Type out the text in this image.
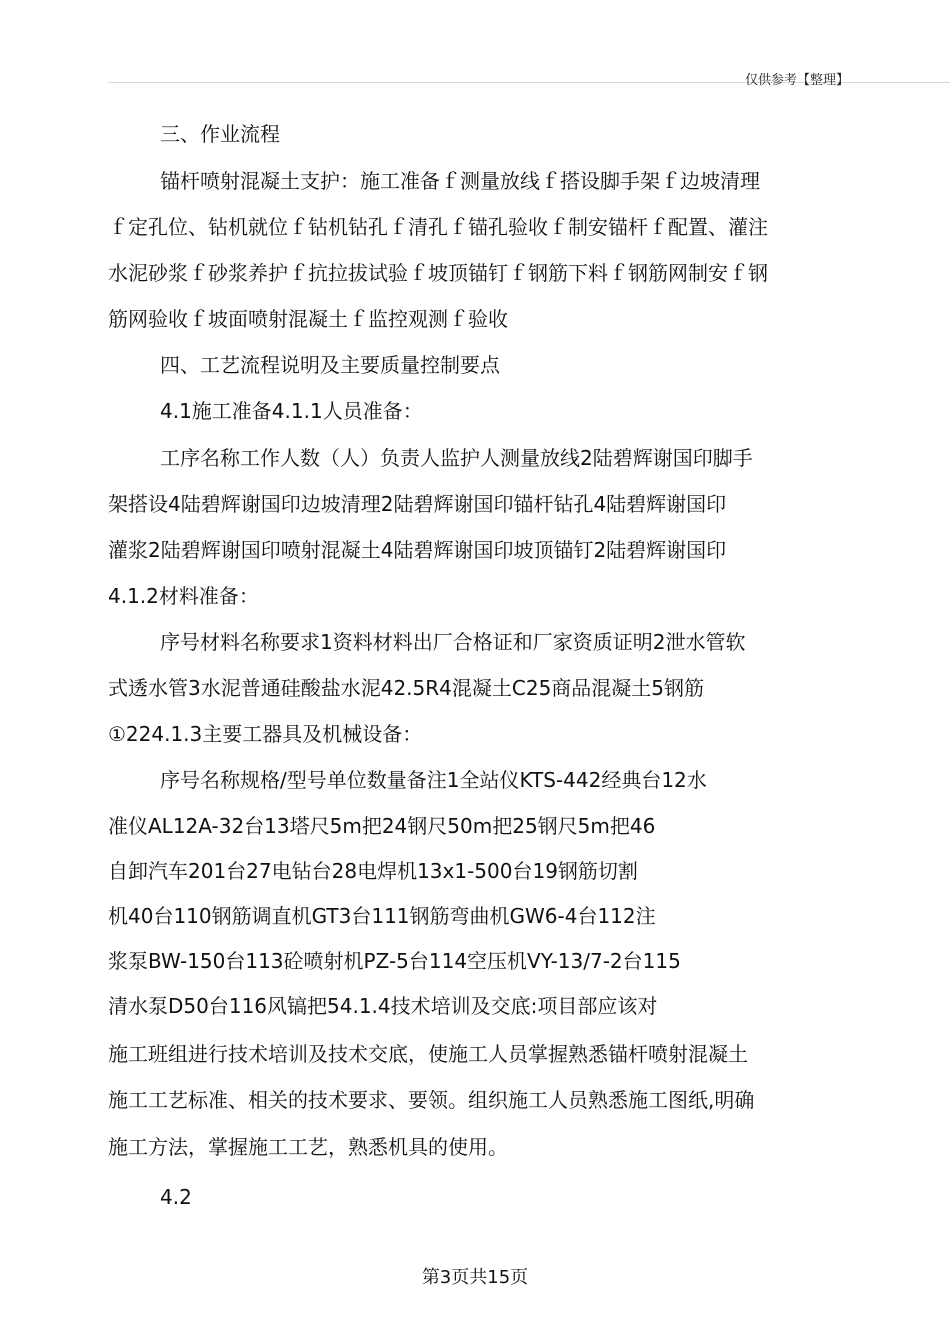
仅供参考【整理】
三、作业流程
锚杆喷射混凝土支护：施工准备ｆ测量放线ｆ搭设脚手架ｆ边坡清理
ｆ定孔位、钻机就位ｆ钻机钻孔ｆ清孔ｆ锚孔验收ｆ制安锚杆ｆ配置、灌注
水泥砂浆ｆ砂浆养护ｆ抗拉拔试验ｆ坡顶锚钉ｆ钢筋下料ｆ钢筋网制安ｆ钢
筋网验收ｆ坡面喷射混凝土ｆ监控观测ｆ验收
四、工艺流程说明及主要质量控制要点
4.1施工准备4.1.1人员准备：
工序名称工作人数（人）负责人监护人测量放线2陆碧辉谢国印脚手
架搭设4陆碧辉谢国印边坡清理2陆碧辉谢国印锚杆钻孔4陆碧辉谢国印
灌浆2陆碧辉谢国印喷射混凝土4陆碧辉谢国印坡顶锚钉2陆碧辉谢国印
4.1.2材料准备：
序号材料名称要求1资料材料出厂合格证和厂家资质证明2泄水管软
式透水管3水泥普通硅酸盐水泥42.5R4混凝土C25商品混凝土5钢筋
①224.1.3主要工器具及机械设备：
序号名称规格/型号单位数量备注1全站仪KTS-442经典台12水
准仪AL12A-32台13塔尺5m把24钢尺50m把25钢尺5m把46
自卸汽车201台27电钻台28电焊机13x1-500台19钢筋切割
机40台110钢筋调直机GT3台111钢筋弯曲机GW6-4台112注
浆泵BW-150台113砼喷射机PZ-5台114空压机VY-13/7-2台115
清水泵D50台116风镐把54.1.4技术培训及交底:项目部应该对
施工班组进行技术培训及技术交底，使施工人员掌握熟悉锚杆喷射混凝土
施工工艺标准、相关的技术要求、要领。组织施工人员熟悉施工图纸,明确
施工方法，掌握施工工艺，熟悉机具的使用。
4.2
第3页共15页
